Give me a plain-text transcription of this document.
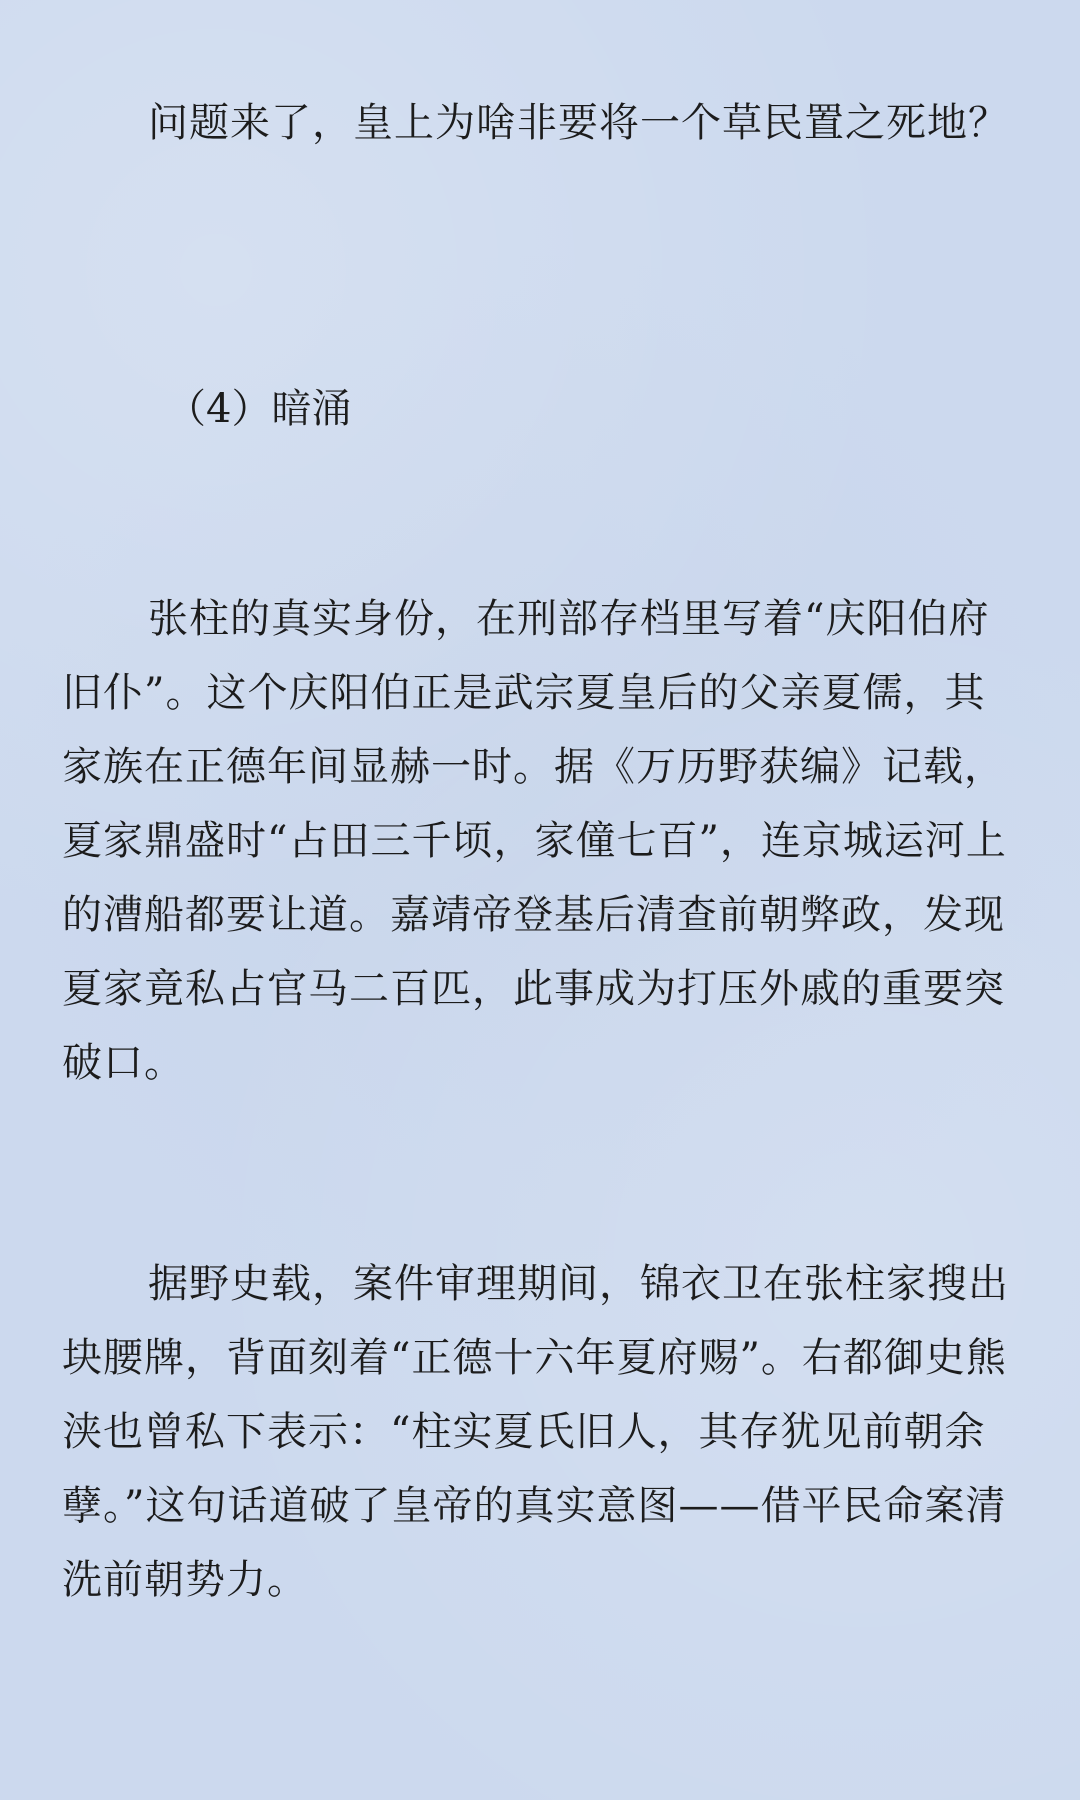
问题来了，皇上为啥非要将一个草民置之死地？

（4）暗涌

张柱的真实身份，在刑部存档里写着“庆阳伯府旧仆”。这个庆阳伯正是武宗夏皇后的父亲夏儒，其家族在正德年间显赫一时。据《万历野获编》记载，夏家鼎盛时“占田三千顷，家僮七百”，连京城运河上的漕船都要让道。嘉靖帝登基后清查前朝弊政，发现夏家竟私占官马二百匹，此事成为打压外戚的重要突破口。

据野史载，案件审理期间，锦衣卫在张柱家搜出块腰牌，背面刻着“正德十六年夏府赐”。右都御史熊浃也曾私下表示：“柱实夏氏旧人，其存犹见前朝余孽。”这句话道破了皇帝的真实意图——借平民命案清洗前朝势力。
